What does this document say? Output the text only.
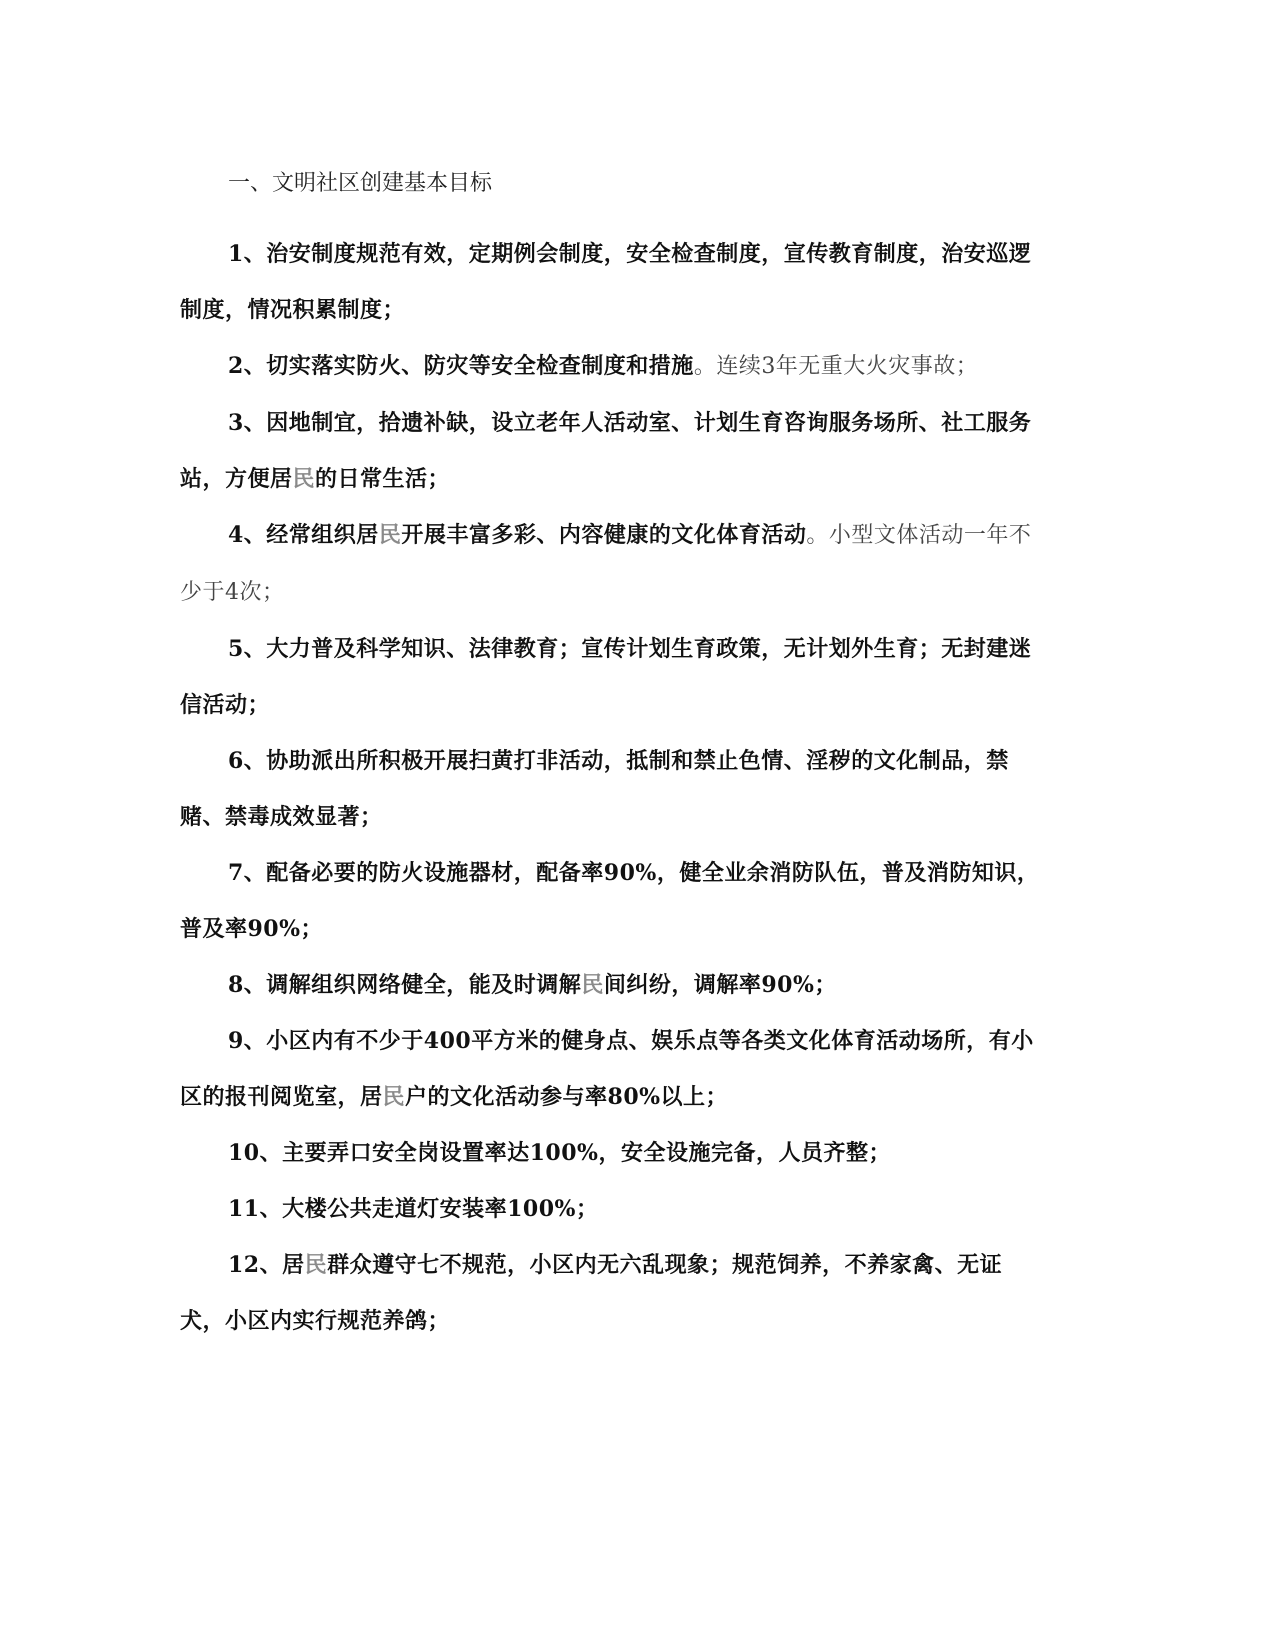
一、文明社区创建基本目标

1、治安制度规范有效，定期例会制度，安全检查制度，宣传教育制度，治安巡逻制度，情况积累制度；

2、切实落实防火、防灾等安全检查制度和措施。连续3年无重大火灾事故；

3、因地制宜，拾遗补缺，设立老年人活动室、计划生育咨询服务场所、社工服务站，方便居民的日常生活；

4、经常组织居民开展丰富多彩、内容健康的文化体育活动。小型文体活动一年不少于4次；

5、大力普及科学知识、法律教育；宣传计划生育政策，无计划外生育；无封建迷信活动；

6、协助派出所积极开展扫黄打非活动，抵制和禁止色情、淫秽的文化制品，禁赌、禁毒成效显著；

7、配备必要的防火设施器材，配备率90%，健全业余消防队伍，普及消防知识，普及率90%；

8、调解组织网络健全，能及时调解民间纠纷，调解率90%；

9、小区内有不少于400平方米的健身点、娱乐点等各类文化体育活动场所，有小区的报刊阅览室，居民户的文化活动参与率80%以上；

10、主要弄口安全岗设置率达100%，安全设施完备，人员齐整；

11、大楼公共走道灯安装率100%；

12、居民群众遵守七不规范，小区内无六乱现象；规范饲养，不养家禽、无证犬，小区内实行规范养鸽；
